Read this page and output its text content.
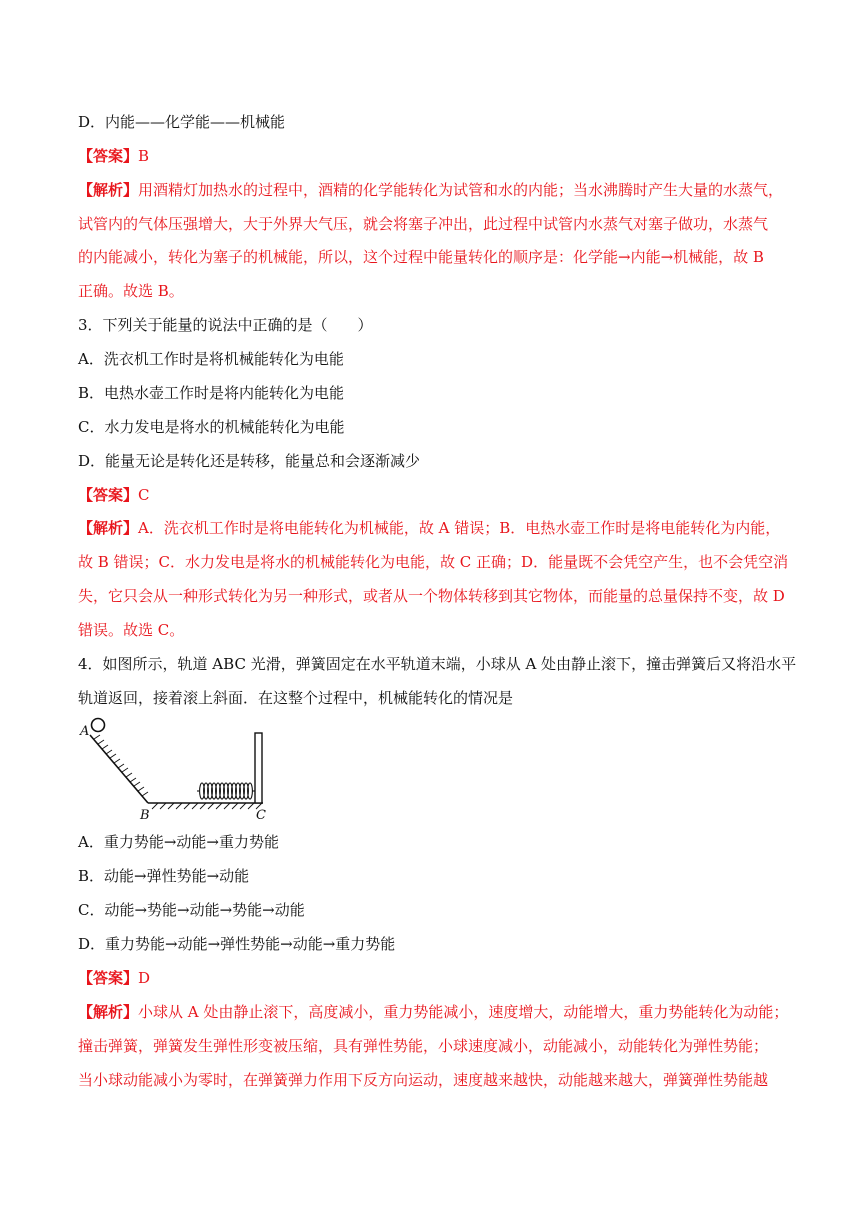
D．内能——化学能——机械能
【答案】B
【解析】用酒精灯加热水的过程中，酒精的化学能转化为试管和水的内能；当水沸腾时产生大量的水蒸气，
试管内的气体压强增大，大于外界大气压，就会将塞子冲出，此过程中试管内水蒸气对塞子做功，水蒸气
的内能减小，转化为塞子的机械能，所以，这个过程中能量转化的顺序是：化学能→内能→机械能，故 B
正确。故选 B。
3．下列关于能量的说法中正确的是（　　）
A．洗衣机工作时是将机械能转化为电能
B．电热水壶工作时是将内能转化为电能
C．水力发电是将水的机械能转化为电能
D．能量无论是转化还是转移，能量总和会逐渐减少
【答案】C
【解析】A．洗衣机工作时是将电能转化为机械能，故 A 错误；B．电热水壶工作时是将电能转化为内能，
故 B 错误；C．水力发电是将水的机械能转化为电能，故 C 正确；D．能量既不会凭空产生，也不会凭空消
失，它只会从一种形式转化为另一种形式，或者从一个物体转移到其它物体，而能量的总量保持不变，故 D
错误。故选 C。
4．如图所示，轨道 ABC 光滑，弹簧固定在水平轨道末端，小球从 A 处由静止滚下，撞击弹簧后又将沿水平
轨道返回，接着滚上斜面．在这整个过程中，机械能转化的情况是
A
B	C
A．重力势能→动能→重力势能
B．动能→弹性势能→动能
C．动能→势能→动能→势能→动能
D．重力势能→动能→弹性势能→动能→重力势能
【答案】D
【解析】小球从 A 处由静止滚下，高度减小，重力势能减小，速度增大，动能增大，重力势能转化为动能；
撞击弹簧，弹簧发生弹性形变被压缩，具有弹性势能，小球速度减小，动能减小，动能转化为弹性势能；
当小球动能减小为零时，在弹簧弹力作用下反方向运动，速度越来越快，动能越来越大，弹簧弹性势能越
